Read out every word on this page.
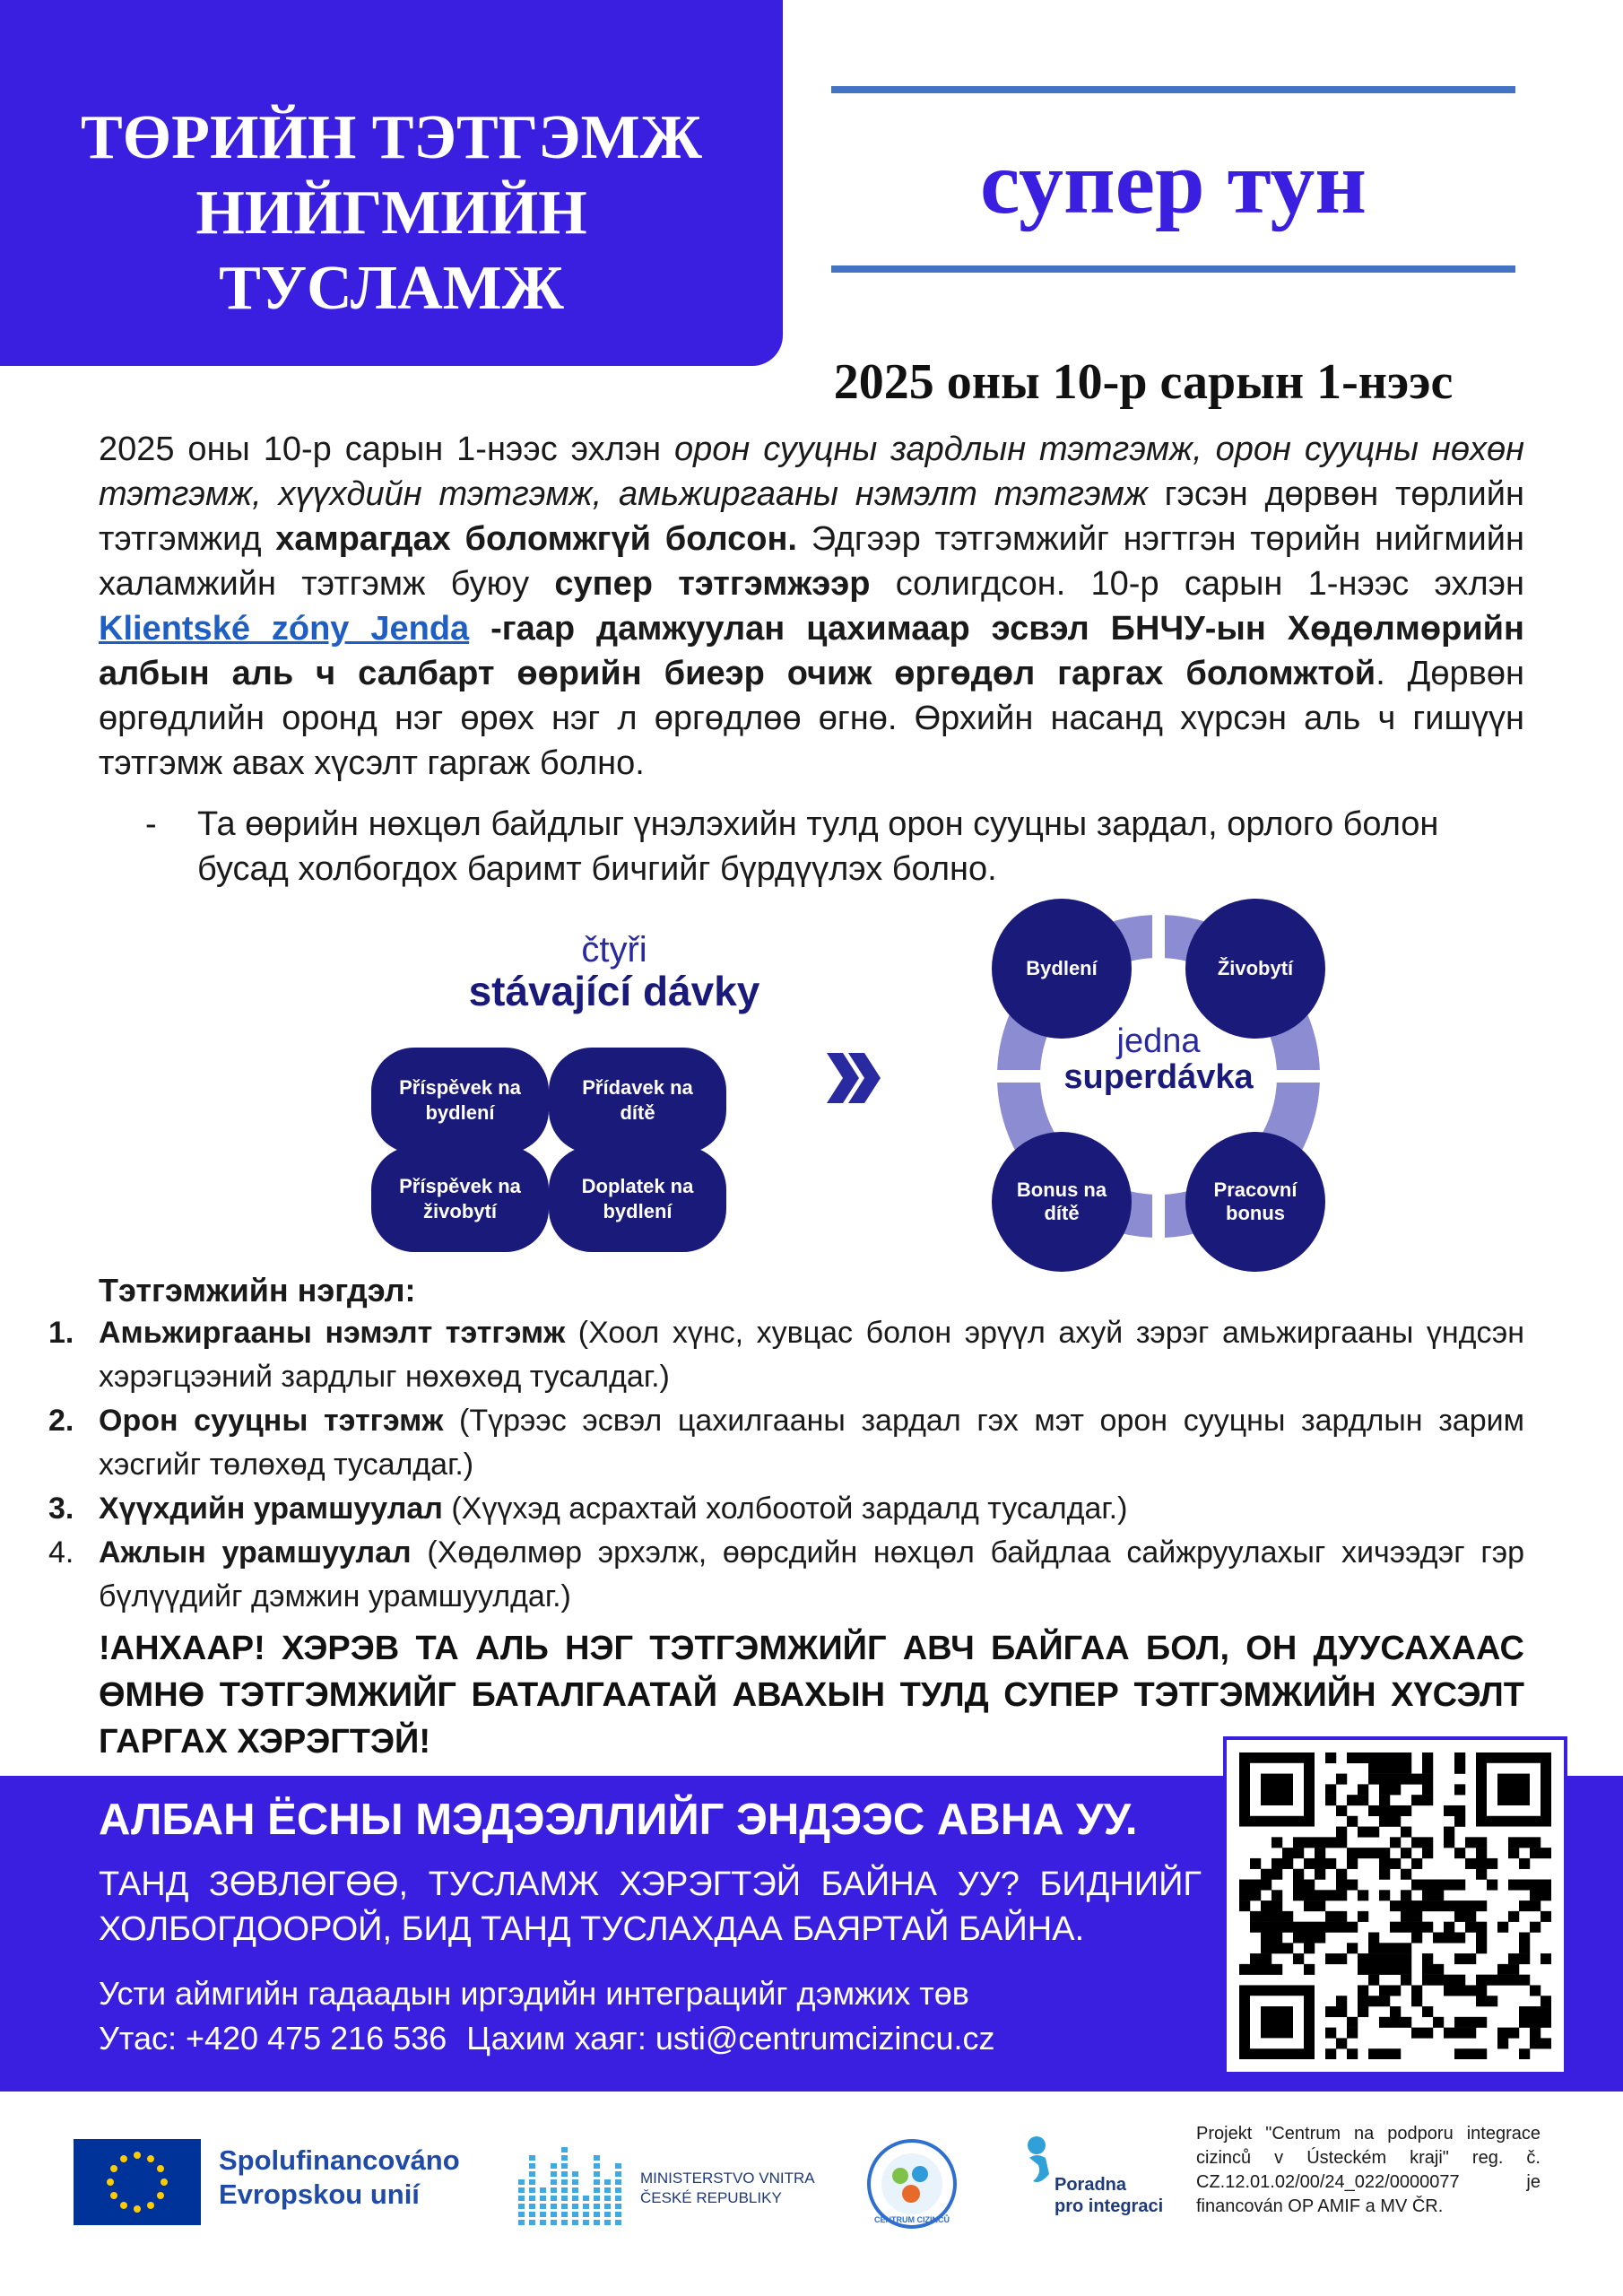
ТӨРИЙН ТЭТГЭМЖ
НИЙГМИЙН
ТУСЛАМЖ
супер тун
2025 оны 10-р сарын 1-нээс

2025 оны 10-р сарын 1-нээс эхлэн орон сууцны зардлын тэтгэмж, орон сууцны нөхөн тэтгэмж, хүүхдийн тэтгэмж, амьжиргааны нэмэлт тэтгэмж гэсэн дөрвөн төрлийн тэтгэмжид хамрагдах боломжгүй болсон. Эдгээр тэтгэмжийг нэгтгэн төрийн нийгмийн халамжийн тэтгэмж буюу супер тэтгэмжээр солигдсон. 10-р сарын 1-нээс эхлэн Klientské zóny Jenda -гаар дамжуулан цахимаар эсвэл БНЧУ-ын Хөдөлмөрийн албын аль ч салбарт өөрийн биеэр очиж өргөдөл гаргах боломжтой. Дөрвөн өргөдлийн оронд нэг өрөх нэг л өргөдлөө өгнө. Өрхийн насанд хүрсэн аль ч гишүүн тэтгэмж авах хүсэлт гаргаж болно.

-	Та өөрийн нөхцөл байдлыг үнэлэхийн тулд орон сууцны зардал, орлого болон бусад холбогдох баримт бичгийг бүрдүүлэх болно.
čtyři
stávající dávky
Příspěvek na bydlení
Přídavek na dítě
Příspěvek na živobytí
Doplatek na bydlení
jedna
superdávka
Bydlení	Živobytí
Bonus na dítě
Pracovní bonus
Тэтгэмжийн нэгдэл:
1. Амьжиргааны нэмэлт тэтгэмж (Хоол хүнс, хувцас болон эрүүл ахуй зэрэг амьжиргааны үндсэн хэрэгцээний зардлыг нөхөхөд тусалдаг.)
2. Орон сууцны тэтгэмж (Түрээс эсвэл цахилгааны зардал гэх мэт орон сууцны зардлын зарим хэсгийг төлөхөд тусалдаг.)
3. Хүүхдийн урамшуулал (Хүүхэд асрахтай холбоотой зардалд тусалдаг.)
4. Ажлын урамшуулал (Хөдөлмөр эрхэлж, өөрсдийн нөхцөл байдлаа сайжруулахыг хичээдэг гэр бүлүүдийг дэмжин урамшуулдаг.)

!АНХААР! ХЭРЭВ ТА АЛЬ НЭГ ТЭТГЭМЖИЙГ АВЧ БАЙГАА БОЛ, ОН ДУУСАХААС ӨМНӨ ТЭТГЭМЖИЙГ БАТАЛГААТАЙ АВАХЫН ТУЛД СУПЕР ТЭТГЭМЖИЙН ХҮСЭЛТ ГАРГАХ ХЭРЭГТЭЙ!

АЛБАН ЁСНЫ МЭДЭЭЛЛИЙГ ЭНДЭЭС АВНА УУ.

ТАНД ЗӨВЛӨГӨӨ, ТУСЛАМЖ ХЭРЭГТЭЙ БАЙНА УУ? БИДНИЙГ ХОЛБОГДООРОЙ, БИД ТАНД ТУСЛАХДАА БАЯРТАЙ БАЙНА.

Усти аймгийн гадаадын иргэдийн интеграцийг дэмжих төв
Утас: +420 475 216 536 Цахим хаяг: usti@centrumcizincu.cz
Spolufinancováno
Evropskou unií
MINISTERSTVO VNITRA
ČESKÉ REPUBLIKY
CENTRUM CIZINCŮ
Poradna
pro integraci

Projekt "Centrum na podporu integrace cizinců v Ústeckém kraji" reg. č. CZ.12.01.02/00/24_022/0000077 je financován OP AMIF a MV ČR.
